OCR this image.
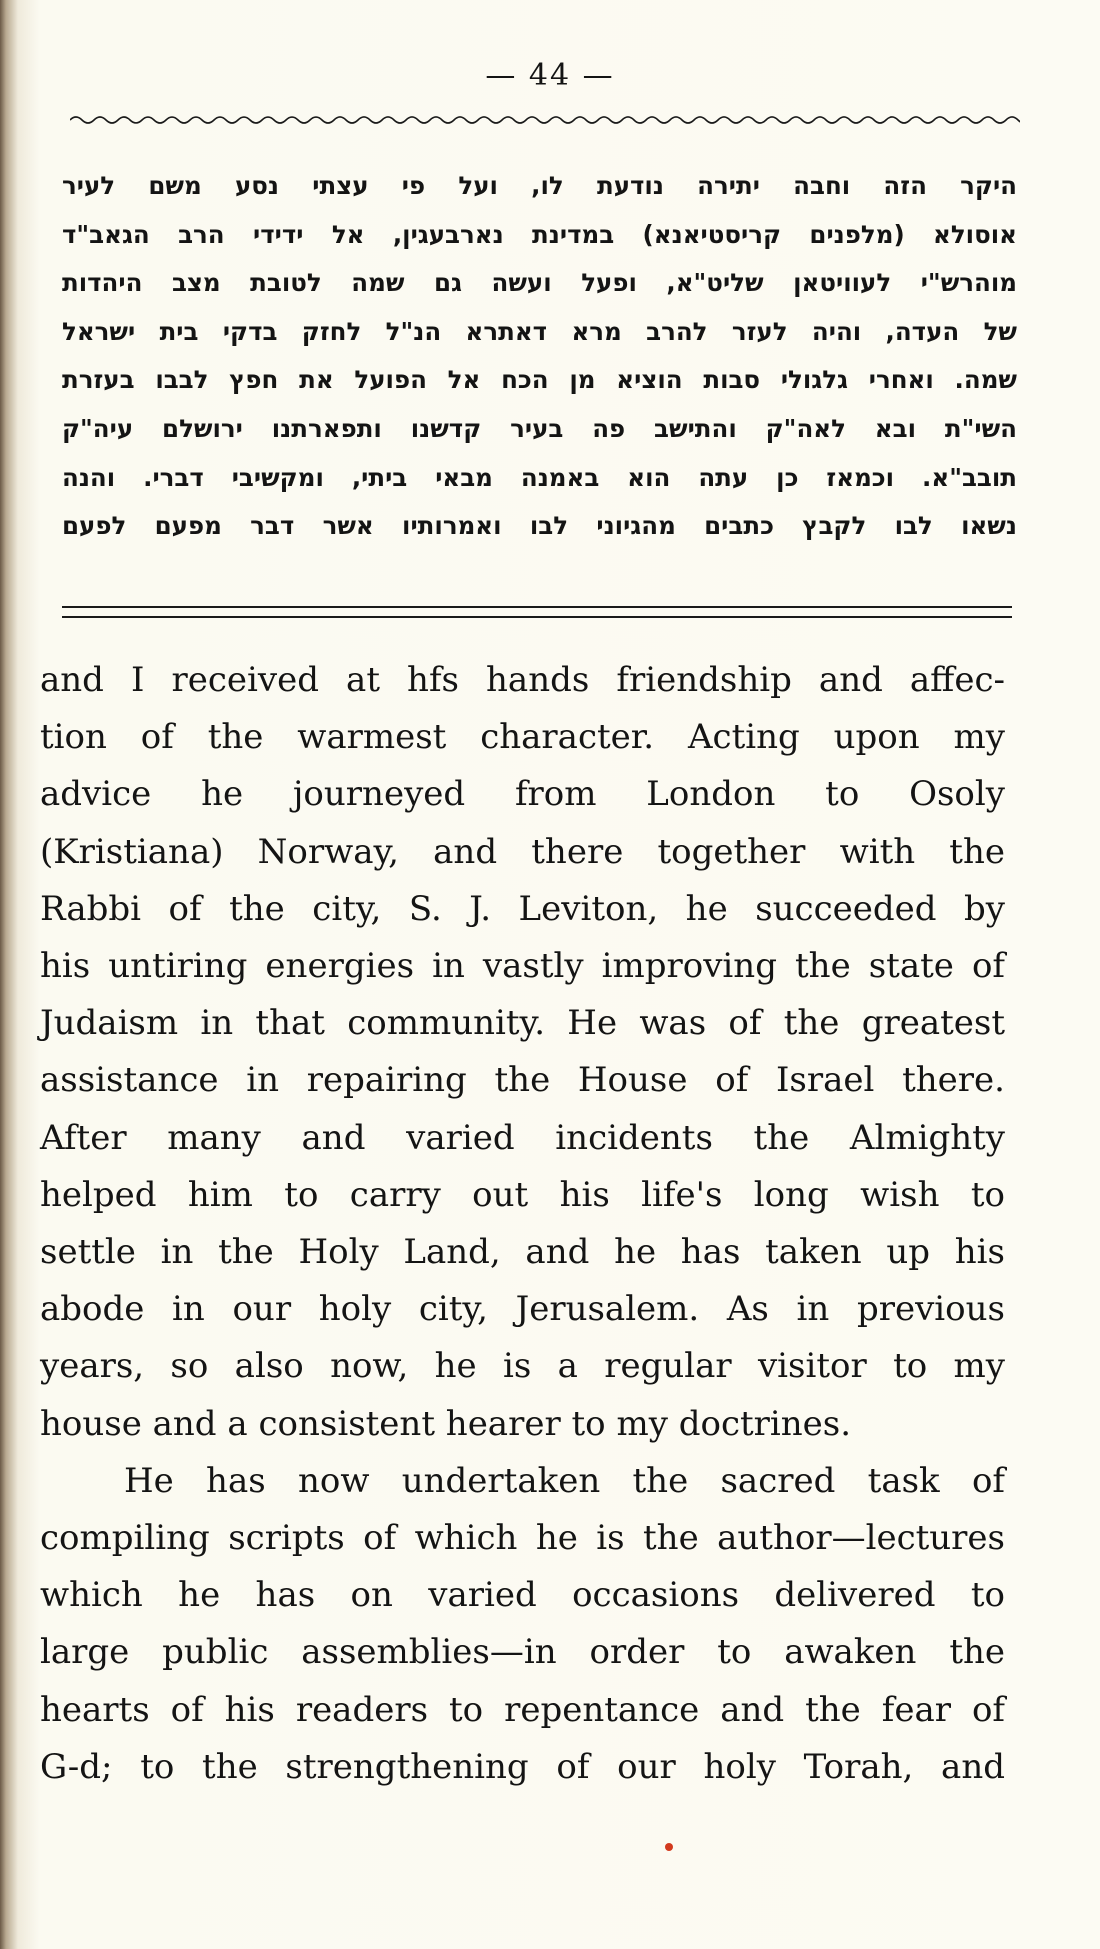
— 44 —
היקר הזה וחבה יתירה נודעת לו, ועל פי עצתי נסע משם לעיר
אוסולא (מלפנים קריסטיאנא) במדינת נארבעגין, אל ידידי הרב הגאב"ד
מוהרש"י לעוויטאן שליט"א, ופעל ועשה גם שמה לטובת מצב היהדות
של העדה, והיה לעזר להרב מרא דאתרא הנ"ל לחזק בדקי בית ישראל
שמה. ואחרי גלגולי סבות הוציא מן הכח אל הפועל את חפץ לבבו בעזרת
השי"ת ובא לאה"ק והתישב פה בעיר קדשנו ותפארתנו ירושלם עיה"ק
תובב"א. וכמאז כן עתה הוא באמנה מבאי ביתי, ומקשיבי דברי. והנה
נשאו לבו לקבץ כתבים מהגיוני לבו ואמרותיו אשר דבר מפעם לפעם
and I received at hfs hands friendship and affec-
tion of the warmest character. Acting upon my
advice he journeyed from London to Osoly
(Kristiana) Norway, and there together with the
Rabbi of the city, S. J. Leviton, he succeeded by
his untiring energies in vastly improving the state of
Judaism in that community. He was of the greatest
assistance in repairing the House of Israel there.
After many and varied incidents the Almighty
helped him to carry out his life's long wish to
settle in the Holy Land, and he has taken up his
abode in our holy city, Jerusalem. As in previous
years, so also now, he is a regular visitor to my
house and a consistent hearer to my doctrines.
He has now undertaken the sacred task of
compiling scripts of which he is the author—lectures
which he has on varied occasions delivered to
large public assemblies—in order to awaken the
hearts of his readers to repentance and the fear of
G-d; to the strengthening of our holy Torah, and
